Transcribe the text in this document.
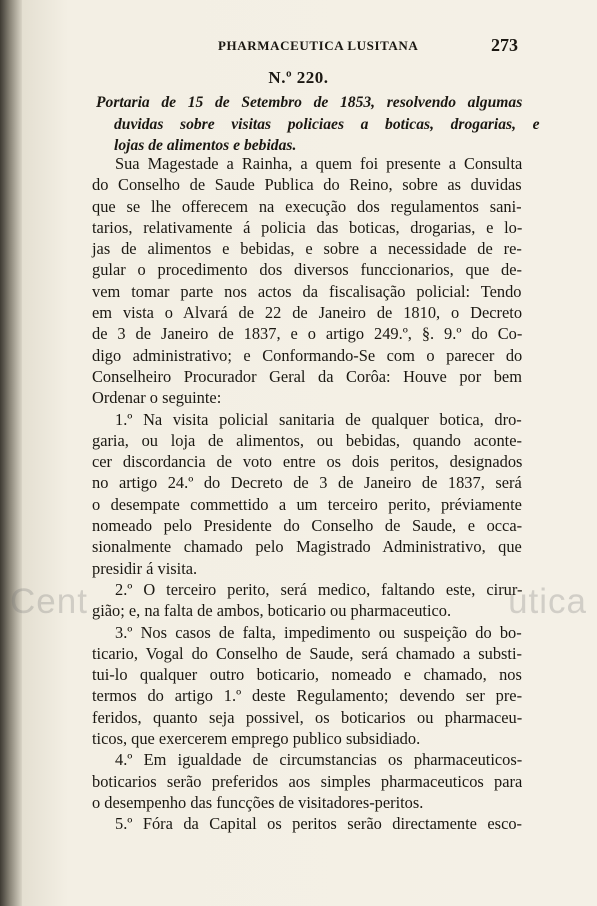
PHARMACEUTICA LUSITANA	273
Cent	utica
N.º 220.
Portaria de 15 de Setembro de 1853, resolvendo algumas
duvidas sobre visitas policiaes a boticas, drogarias, e
lojas de alimentos e bebidas.
Sua Magestade a Rainha, a quem foi presente a Consulta
do Conselho de Saude Publica do Reino, sobre as duvidas
que se lhe offerecem na execução dos regulamentos sani-
tarios, relativamente á policia das boticas, drogarias, e lo-
jas de alimentos e bebidas, e sobre a necessidade de re-
gular o procedimento dos diversos funccionarios, que de-
vem tomar parte nos actos da fiscalisação policial: Tendo
em vista o Alvará de 22 de Janeiro de 1810, o Decreto
de 3 de Janeiro de 1837, e o artigo 249.º, §. 9.º do Co-
digo administrativo; e Conformando-Se com o parecer do
Conselheiro Procurador Geral da Corôa: Houve por bem
Ordenar o seguinte:
1.º Na visita policial sanitaria de qualquer botica, dro-
garia, ou loja de alimentos, ou bebidas, quando aconte-
cer discordancia de voto entre os dois peritos, designados
no artigo 24.º do Decreto de 3 de Janeiro de 1837, será
o desempate commettido a um terceiro perito, préviamente
nomeado pelo Presidente do Conselho de Saude, e occa-
sionalmente chamado pelo Magistrado Administrativo, que
presidir á visita.
2.º O terceiro perito, será medico, faltando este, cirur-
gião; e, na falta de ambos, boticario ou pharmaceutico.
3.º Nos casos de falta, impedimento ou suspeição do bo-
ticario, Vogal do Conselho de Saude, será chamado a substi-
tui-lo qualquer outro boticario, nomeado e chamado, nos
termos do artigo 1.º deste Regulamento; devendo ser pre-
feridos, quanto seja possivel, os boticarios ou pharmaceu-
ticos, que exercerem emprego publico subsidiado.
4.º Em igualdade de circumstancias os pharmaceuticos-
boticarios serão preferidos aos simples pharmaceuticos para
o desempenho das funcções de visitadores-peritos.
5.º Fóra da Capital os peritos serão directamente esco-
